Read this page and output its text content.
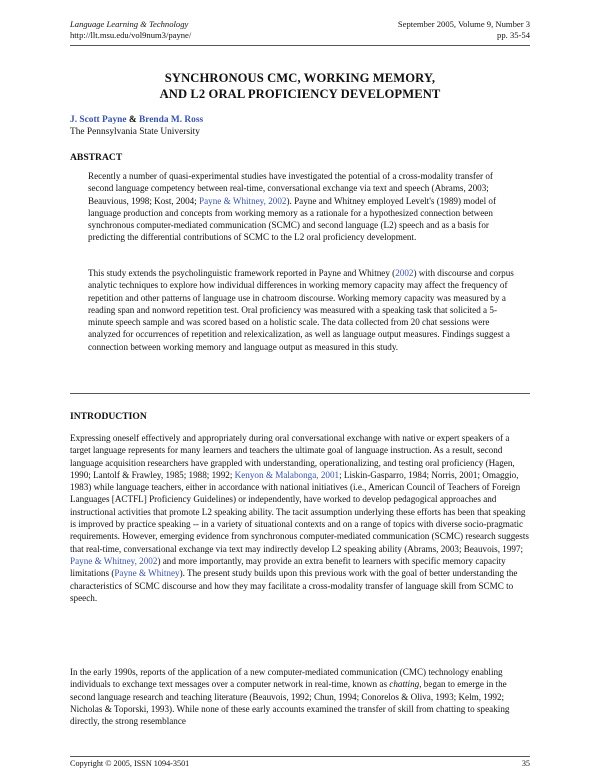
Language Learning & Technology	September 2005, Volume 9, Number 3
http://llt.msu.edu/vol9num3/payne/	pp. 35-54
SYNCHRONOUS CMC, WORKING MEMORY,
AND L2 ORAL PROFICIENCY DEVELOPMENT
J. Scott Payne & Brenda M. Ross
The Pennsylvania State University
ABSTRACT

Recently a number of quasi-experimental studies have investigated the potential of a cross-modality transfer of second language competency between real-time, conversational exchange via text and speech (Abrams, 2003; Beauvious, 1998; Kost, 2004; Payne & Whitney, 2002). Payne and Whitney employed Levelt's (1989) model of language production and concepts from working memory as a rationale for a hypothesized connection between synchronous computer-mediated communication (SCMC) and second language (L2) speech and as a basis for predicting the differential contributions of SCMC to the L2 oral proficiency development.

This study extends the psycholinguistic framework reported in Payne and Whitney (2002) with discourse and corpus analytic techniques to explore how individual differences in working memory capacity may affect the frequency of repetition and other patterns of language use in chatroom discourse. Working memory capacity was measured by a reading span and nonword repetition test. Oral proficiency was measured with a speaking task that solicited a 5-minute speech sample and was scored based on a holistic scale. The data collected from 20 chat sessions were analyzed for occurrences of repetition and relexicalization, as well as language output measures. Findings suggest a connection between working memory and language output as measured in this study.

INTRODUCTION

Expressing oneself effectively and appropriately during oral conversational exchange with native or expert speakers of a target language represents for many learners and teachers the ultimate goal of language instruction. As a result, second language acquisition researchers have grappled with understanding, operationalizing, and testing oral proficiency (Hagen, 1990; Lantolf & Frawley, 1985; 1988; 1992; Kenyon & Malabonga, 2001; Liskin-Gasparro, 1984; Norris, 2001; Omaggio, 1983) while language teachers, either in accordance with national initiatives (i.e., American Council of Teachers of Foreign Languages [ACTFL] Proficiency Guidelines) or independently, have worked to develop pedagogical approaches and instructional activities that promote L2 speaking ability. The tacit assumption underlying these efforts has been that speaking is improved by practice speaking -- in a variety of situational contexts and on a range of topics with diverse socio-pragmatic requirements. However, emerging evidence from synchronous computer-mediated communication (SCMC) research suggests that real-time, conversational exchange via text may indirectly develop L2 speaking ability (Abrams, 2003; Beauvois, 1997; Payne & Whitney, 2002) and more importantly, may provide an extra benefit to learners with specific memory capacity limitations (Payne & Whitney). The present study builds upon this previous work with the goal of better understanding the characteristics of SCMC discourse and how they may facilitate a cross-modality transfer of language skill from SCMC to speech.

In the early 1990s, reports of the application of a new computer-mediated communication (CMC) technology enabling individuals to exchange text messages over a computer network in real-time, known as chatting, began to emerge in the second language research and teaching literature (Beauvois, 1992; Chun, 1994; Conorelos & Oliva, 1993; Kelm, 1992; Nicholas & Toporski, 1993). While none of these early accounts examined the transfer of skill from chatting to speaking directly, the strong resemblance

Copyright © 2005, ISSN 1094-3501	35
